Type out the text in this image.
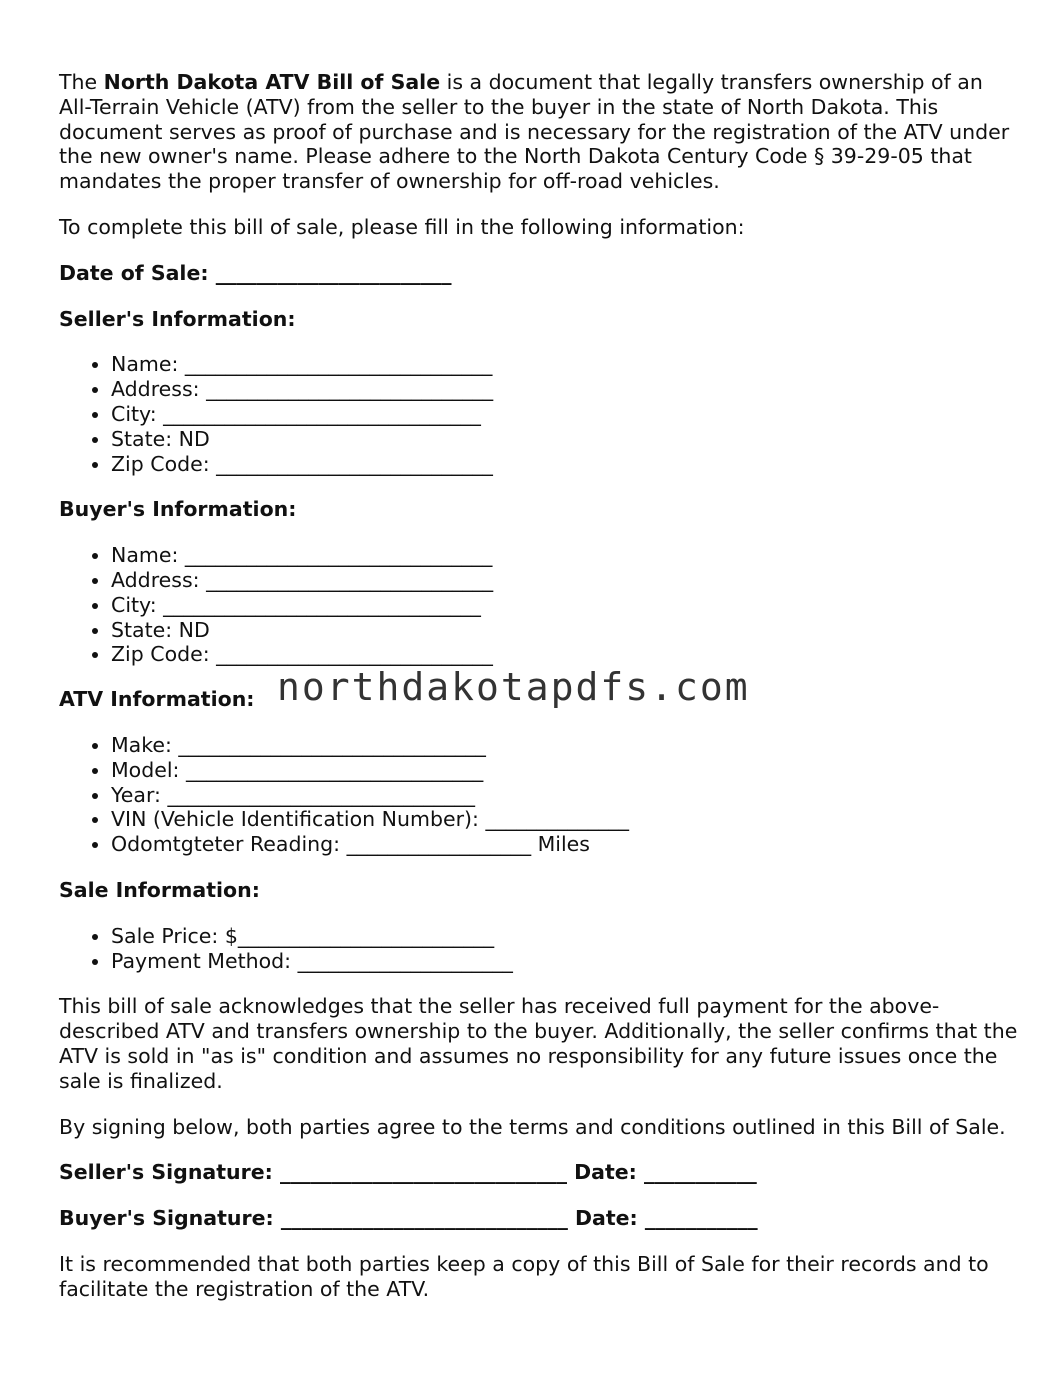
The North Dakota ATV Bill of Sale is a document that legally transfers ownership of an All-Terrain Vehicle (ATV) from the seller to the buyer in the state of North Dakota. This document serves as proof of purchase and is necessary for the registration of the ATV under the new owner's name. Please adhere to the North Dakota Century Code § 39-29-05 that mandates the proper transfer of ownership for off-road vehicles.

To complete this bill of sale, please fill in the following information:

Date of Sale: _______________________

Seller's Information:

• Name: ______________________________
• Address: ____________________________
• City: _______________________________
• State: ND
• Zip Code: ___________________________

Buyer's Information:

• Name: ______________________________
• Address: ____________________________
• City: _______________________________
• State: ND
• Zip Code: ___________________________

ATV Information: northdakotapdfs.com
• Make: ______________________________
• Model: _____________________________
• Year: ______________________________
• VIN (Vehicle Identification Number): ______________
• Odomtgteter Reading: __________________ Miles

Sale Information:

• Sale Price: $_________________________
• Payment Method: _____________________

This bill of sale acknowledges that the seller has received full payment for the above-described ATV and transfers ownership to the buyer. Additionally, the seller confirms that the ATV is sold in "as is" condition and assumes no responsibility for any future issues once the sale is finalized.

By signing below, both parties agree to the terms and conditions outlined in this Bill of Sale.

Seller's Signature: ____________________________ Date: ___________

Buyer's Signature: ____________________________ Date: ___________

It is recommended that both parties keep a copy of this Bill of Sale for their records and to facilitate the registration of the ATV.
